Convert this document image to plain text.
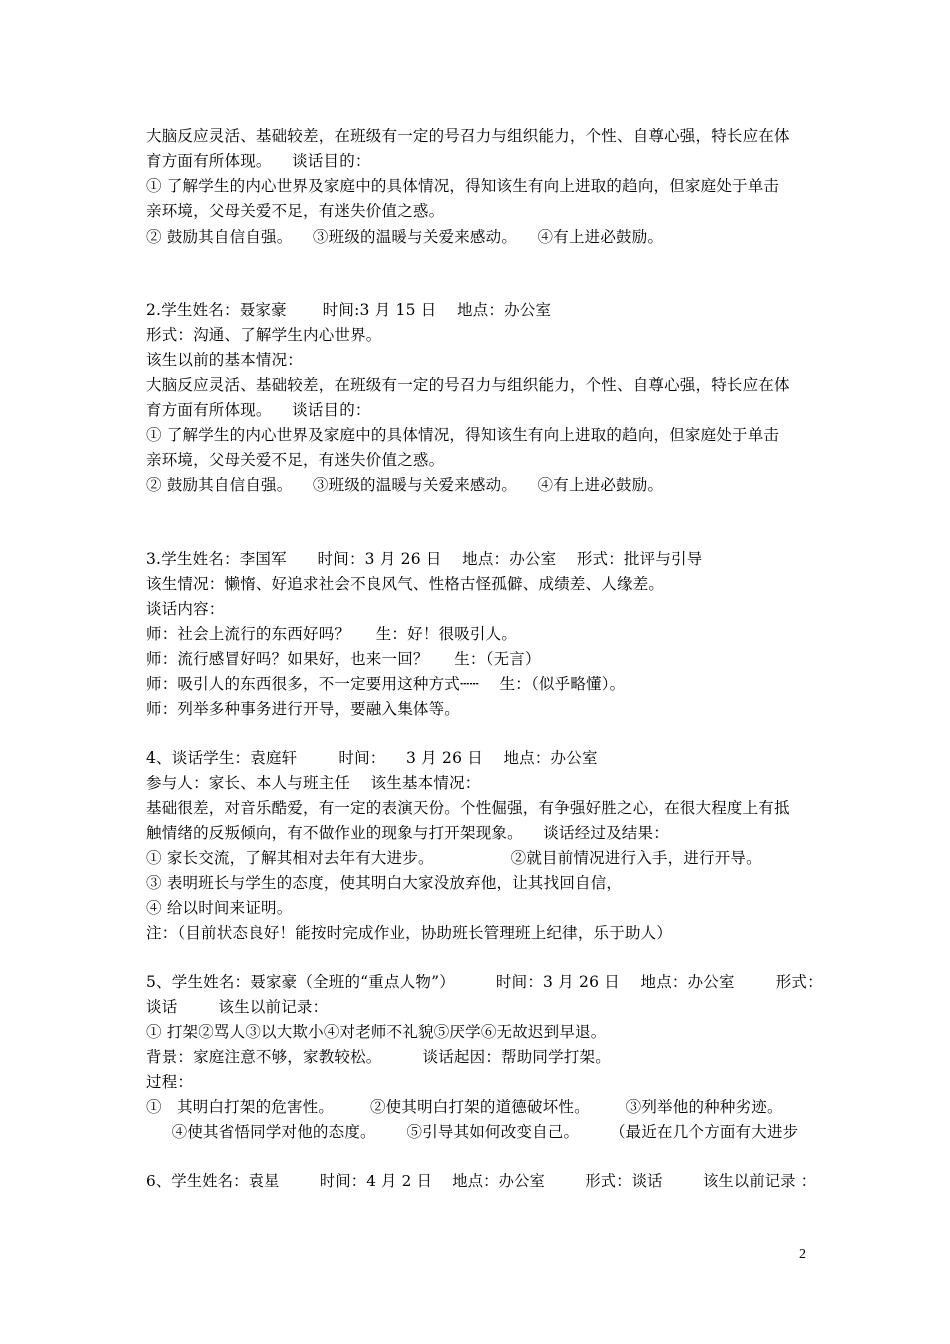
大脑反应灵活、基础较差，在班级有一定的号召力与组织能力，个性、自尊心强，特长应在体
育方面有所体现。    谈话目的：
① 了解学生的内心世界及家庭中的具体情况，得知该生有向上进取的趋向，但家庭处于单击
亲环境，父母关爱不足，有迷失价值之惑。
② 鼓励其自信自强。    ③班级的温暖与关爱来感动。    ④有上进必鼓励。
2.学生姓名：聂家豪       时间:3 月 15 日    地点：办公室
形式：沟通、了解学生内心世界。
该生以前的基本情况：
大脑反应灵活、基础较差，在班级有一定的号召力与组织能力，个性、自尊心强，特长应在体
育方面有所体现。    谈话目的：
① 了解学生的内心世界及家庭中的具体情况，得知该生有向上进取的趋向，但家庭处于单击
亲环境，父母关爱不足，有迷失价值之惑。
② 鼓励其自信自强。    ③班级的温暖与关爱来感动。    ④有上进必鼓励。
3.学生姓名：李国军      时间：3 月 26 日    地点：办公室    形式：批评与引导
该生情况：懒惰、好追求社会不良风气、性格古怪孤僻、成绩差、人缘差。
谈话内容：
师：社会上流行的东西好吗？     生：好！很吸引人。
师：流行感冒好吗？如果好，也来一回？     生：（无言）
师：吸引人的东西很多，不一定要用这种方式┄┄    生：（似乎略懂）。
师：列举多种事务进行开导，要融入集体等。
4、谈话学生：袁庭轩        时间：    3 月 26 日    地点：办公室
参与人：家长、本人与班主任    该生基本情况：
基础很差，对音乐酷爱，有一定的表演天份。个性倔强，有争强好胜之心，在很大程度上有抵
触情绪的反叛倾向，有不做作业的现象与打开架现象。    谈话经过及结果：
① 家长交流，了解其相对去年有大进步。               ②就目前情况进行入手，进行开导。
③ 表明班长与学生的态度，使其明白大家没放弃他，让其找回自信，
④ 给以时间来证明。
注：（目前状态良好！能按时完成作业，协助班长管理班上纪律，乐于助人）
5、学生姓名：聂家豪（全班的“重点人物”）        时间：3 月 26 日    地点：办公室        形式：
谈话        该生以前记录：
① 打架②骂人③以大欺小④对老师不礼貌⑤厌学⑥无故迟到早退。
背景：家庭注意不够，家教较松。        谈话起因：帮助同学打架。
过程：
①   其明白打架的危害性。       ②使其明白打架的道德破坏性。       ③列举他的种种劣迹。
④使其省悟同学对他的态度。      ⑤引导其如何改变自己。      （最近在几个方面有大进步
6、学生姓名：袁星        时间：4 月 2 日    地点：办公室        形式：谈话        该生以前记录 ：
2
